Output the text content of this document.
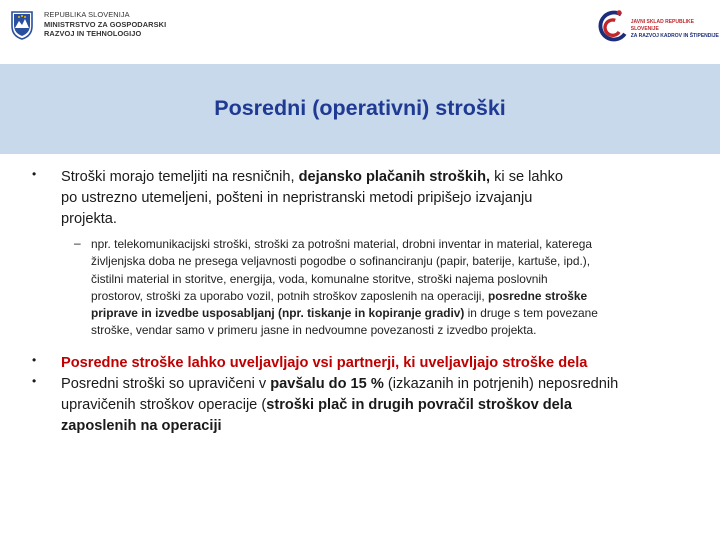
REPUBLIKA SLOVENIJA
MINISTRSTVO ZA GOSPODARSKI
RAZVOJ IN TEHNOLOGIJO
JAVNI SKLAD REPUBLIKE SLOVENIJE
ZA RAZVOJ KADROV IN ŠTIPENDIJE
Posredni (operativni) stroški
• Stroški morajo temeljiti na resničnih, dejansko plačanih stroških, ki se lahko
po ustrezno utemeljeni, pošteni in nepristranski metodi pripišejo izvajanju
projekta.
– npr. telekomunikacijski stroški, stroški za potrošni material, drobni inventar in material, katerega
življenjska doba ne presega veljavnosti pogodbe o sofinanciranju (papir, baterije, kartuše, ipd.),
čistilni material in storitve, energija, voda, komunalne storitve, stroški najema poslovnih
prostorov, stroški za uporabo vozil, potnih stroškov zaposlenih na operaciji, posredne stroške
priprave in izvedbe usposabljanj (npr. tiskanje in kopiranje gradiv) in druge s tem povezane
stroške, vendar samo v primeru jasne in nedvoumne povezanosti z izvedbo projekta.
• Posredne stroške lahko uveljavljajo vsi partnerji, ki uveljavljajo stroške dela
• Posredni stroški so upravičeni v pavšalu do 15 % (izkazanih in potrjenih) neposrednih
upravičenih stroškov operacije (stroški plač in drugih povračil stroškov dela
zaposlenih na operaciji
